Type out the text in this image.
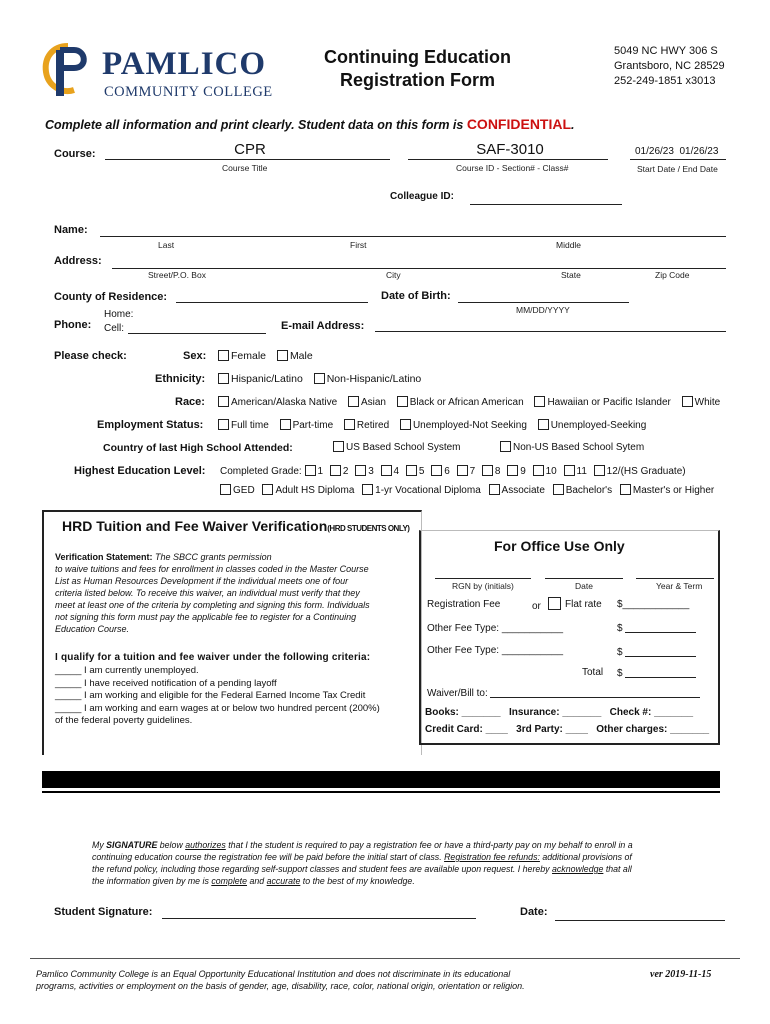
PAMLICO
COMMUNITY COLLEGE
Continuing Education
Registration Form
5049 NC HWY 306 S
Grantsboro, NC 28529
252-249-1851 x3013
Complete all information and print clearly. Student data on this form is CONFIDENTIAL.
Course:	CPR
Course Title
SAF-3010
Course ID - Section# - Class#
01/26/23 01/26/23
Start Date / End Date
Colleague ID:
Name:
Last	First	Middle
Address:
Street/P.O. Box	City	State	Zip Code
County of Residence:	Date of Birth:
MM/DD/YYYY
Home:
Phone: Cell:	E-mail Address:
Please check:	Sex:	Female Male
Ethnicity:	Hispanic/Latino Non-Hispanic/Latino
Race:	American/Alaska Native Asian Black or African American Hawaiian or Pacific Islander White
Employment Status:	Full time Part-time Retired Unemployed-Not Seeking Unemployed-Seeking
Country of last High School Attended:	US Based School System	Non-US Based School Sytem
Highest Education Level: Completed Grade: 1 2 3 4 5 6 7 8 9 10 11 12/(HS Graduate)
GED Adult HS Diploma 1-yr Vocational Diploma Associate Bachelor's Master's or Higher
HRD Tuition and Fee Waiver Verification(HRD STUDENTS ONLY)
Verification Statement: The SBCC grants permission
to waive tuitions and fees for enrollment in classes coded in the Master Course
List as Human Resources Development if the individual meets one of four
criteria listed below. To receive this waiver, an individual must verify that they
meet at least one of the criteria by completing and signing this form. Individuals
not signing this form must pay the applicable fee to register for a Continuing
Education Course.
I qualify for a tuition and fee waiver under the following criteria:
_____ I am currently unemployed.
_____ I have received notification of a pending layoff
_____ I am working and eligible for the Federal Earned Income Tax Credit
_____ I am working and earn wages at or below two hundred percent (200%)
of the federal poverty guidelines.
For Office Use Only
RGN by (initials)	Date	Year & Term
Registration Fee	or Flat rate $____________
Other Fee Type: ___________	$
Other Fee Type: ___________	$
Total $
Waiver/Bill to:
Books: _______ Insurance: _______ Check #: _______
Credit Card: ____ 3rd Party: ____ Other charges: _______
My SIGNATURE below authorizes that I the student is required to pay a registration fee or have a third-party pay on my behalf to enroll in a
continuing education course the registration fee will be paid before the initial start of class. Registration fee refunds: additional provisions of
the refund policy, including those regarding self-support classes and student fees are available upon request. I hereby acknowledge that all
the information given by me is complete and accurate to the best of my knowledge.
Student Signature:	Date:
Pamlico Community College is an Equal Opportunity Educational Institution and does not discriminate in its educational
programs, activities or employment on the basis of gender, age, disability, race, color, national origin, orientation or religion.
ver 2019-11-15
